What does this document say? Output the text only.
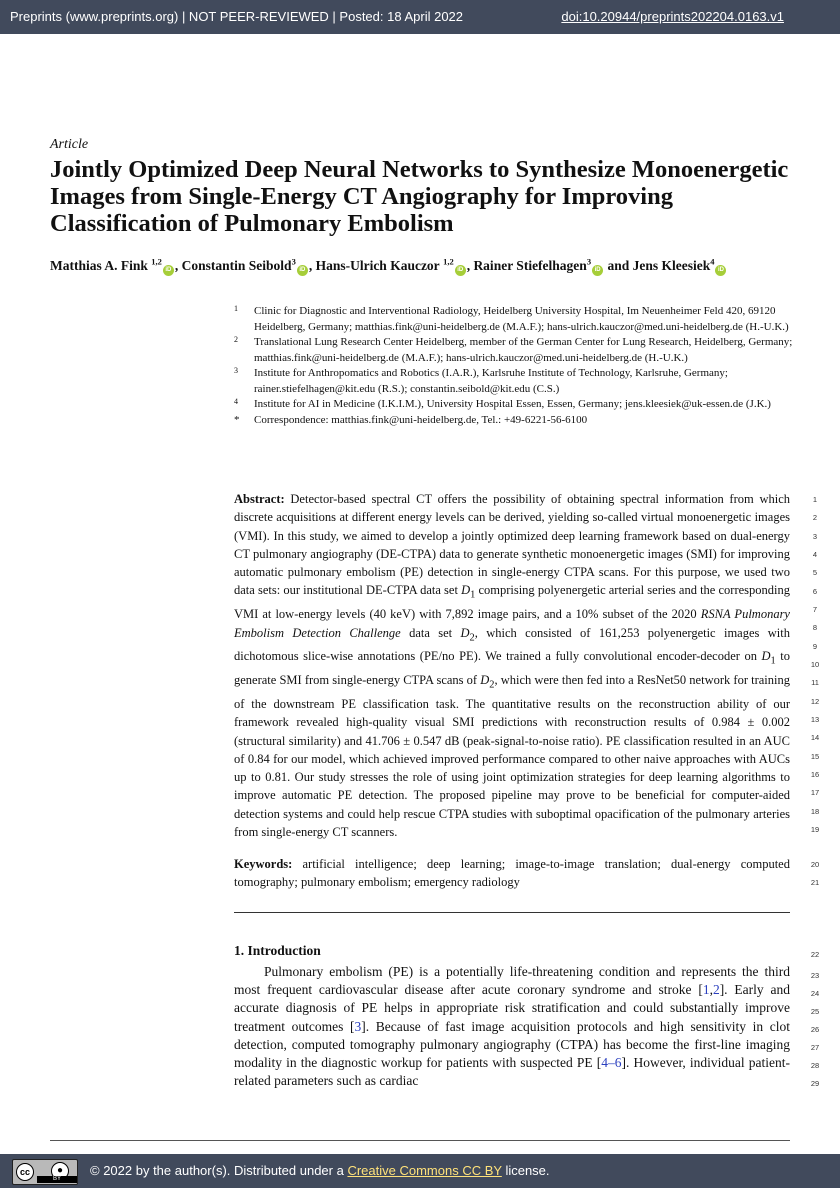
Preprints (www.preprints.org) | NOT PEER-REVIEWED | Posted: 18 April 2022	doi:10.20944/preprints202204.0163.v1
Article
Jointly Optimized Deep Neural Networks to Synthesize Monoenergetic Images from Single-Energy CT Angiography for Improving Classification of Pulmonary Embolism
Matthias A. Fink $^{1,2}$iD , Constantin Seibold$^3$iD , Hans-Ulrich Kauczor $^{1,2}$iD , Rainer Stiefelhagen$^3$iD and Jens Kleesiek$^4$iD
1 Clinic for Diagnostic and Interventional Radiology, Heidelberg University Hospital, Im Neuenheimer Feld 420, 69120 Heidelberg, Germany; matthias.fink@uni-heidelberg.de (M.A.F.); hans-ulrich.kauczor@med.uni-heidelberg.de (H.-U.K.)
2 Translational Lung Research Center Heidelberg, member of the German Center for Lung Research, Heidelberg, Germany; matthias.fink@uni-heidelberg.de (M.A.F.); hans-ulrich.kauczor@med.uni-heidelberg.de (H.-U.K.)
3 Institute for Anthropomatics and Robotics (I.A.R.), Karlsruhe Institute of Technology, Karlsruhe, Germany; rainer.stiefelhagen@kit.edu (R.S.); constantin.seibold@kit.edu (C.S.)
4 Institute for AI in Medicine (I.K.I.M.), University Hospital Essen, Essen, Germany; jens.kleesiek@uk-essen.de (J.K.)
* Correspondence: matthias.fink@uni-heidelberg.de, Tel.: +49-6221-56-6100
Abstract: Detector-based spectral CT offers the possibility of obtaining spectral information from which discrete acquisitions at different energy levels can be derived, yielding so-called virtual monoenergetic images (VMI). In this study, we aimed to develop a jointly optimized deep learning framework based on dual-energy CT pulmonary angiography (DE-CTPA) data to generate synthetic monoenergetic images (SMI) for improving automatic pulmonary embolism (PE) detection in single-energy CTPA scans. For this purpose, we used two data sets: our institutional DE-CTPA data set $D_1$ comprising polyenergetic arterial series and the corresponding VMI at low-energy levels (40 keV) with 7,892 image pairs, and a 10% subset of the 2020 RSNA Pulmonary Embolism Detection Challenge data set $D_2$, which consisted of 161,253 polyenergetic images with dichotomous slice-wise annotations (PE/no PE). We trained a fully convolutional encoder-decoder on $D_1$ to generate SMI from single-energy CTPA scans of $D_2$, which were then fed into a ResNet50 network for training of the downstream PE classification task. The quantitative results on the reconstruction ability of our framework revealed high-quality visual SMI predictions with reconstruction results of 0.984 ± 0.002 (structural similarity) and 41.706 ± 0.547 dB (peak-signal-to-noise ratio). PE classification resulted in an AUC of 0.84 for our model, which achieved improved performance compared to other naive approaches with AUCs up to 0.81. Our study stresses the role of using joint optimization strategies for deep learning algorithms to improve automatic PE detection. The proposed pipeline may prove to be beneficial for computer-aided detection systems and could help rescue CTPA studies with suboptimal opacification of the pulmonary arteries from single-energy CT scanners.
Keywords: artificial intelligence; deep learning; image-to-image translation; dual-energy computed tomography; pulmonary embolism; emergency radiology
1. Introduction
Pulmonary embolism (PE) is a potentially life-threatening condition and represents the third most frequent cardiovascular disease after acute coronary syndrome and stroke [1,2]. Early and accurate diagnosis of PE helps in appropriate risk stratification and could substantially improve treatment outcomes [3]. Because of fast image acquisition protocols and high sensitivity in clot detection, computed tomography pulmonary angiography (CTPA) has become the first-line imaging modality in the diagnostic workup for patients with suspected PE [4–6]. However, individual patient-related parameters such as cardiac
1
2
3
4
5
6
7
8
9
10
11
12
13
14
15
16
17
18
19
20
21
22
23
24
25
26
27
28
29
cc	●
BY
© 2022 by the author(s). Distributed under a Creative Commons CC BY license.
